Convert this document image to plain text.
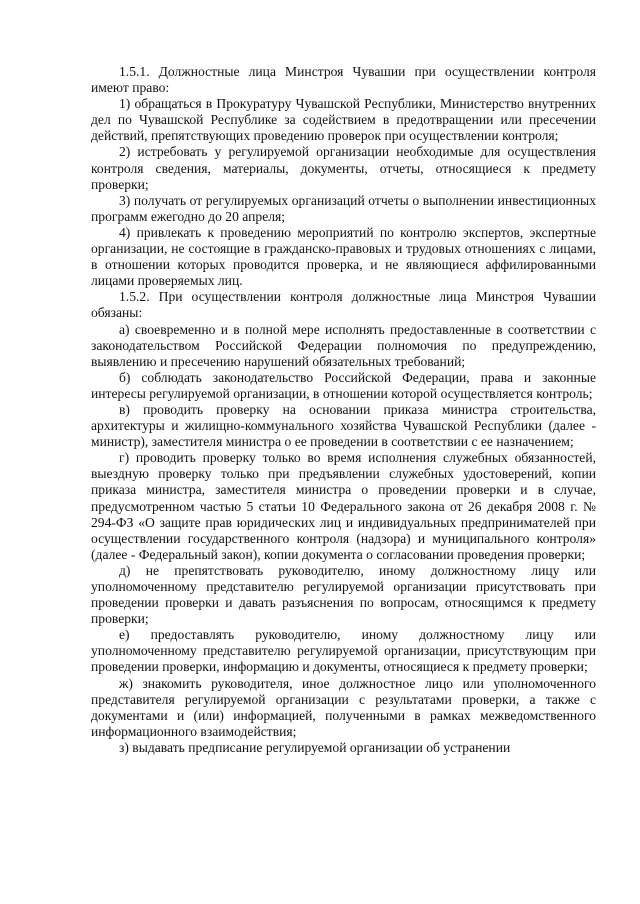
1.5.1. Должностные лица Минстроя Чувашии при осуществлении контроля имеют право:

1) обращаться в Прокуратуру Чувашской Республики, Министерство внутренних дел по Чувашской Республике за содействием в предотвращении или пресечении действий, препятствующих проведению проверок при осуществлении контроля;

2) истребовать у регулируемой организации необходимые для осуществления контроля сведения, материалы, документы, отчеты, относящиеся к предмету проверки;

3) получать от регулируемых организаций отчеты о выполнении инвестиционных программ ежегодно до 20 апреля;

4) привлекать к проведению мероприятий по контролю экспертов, экспертные организации, не состоящие в гражданско-правовых и трудовых отношениях с лицами, в отношении которых проводится проверка, и не являющиеся аффилированными лицами проверяемых лиц.

1.5.2. При осуществлении контроля должностные лица Минстроя Чувашии обязаны:

а) своевременно и в полной мере исполнять предоставленные в соответствии с законодательством Российской Федерации полномочия по предупреждению, выявлению и пресечению нарушений обязательных требований;

б) соблюдать законодательство Российской Федерации, права и законные интересы регулируемой организации, в отношении которой осуществляется контроль;

в) проводить проверку на основании приказа министра строительства, архитектуры и жилищно-коммунального хозяйства Чувашской Республики (далее - министр), заместителя министра о ее проведении в соответствии с ее назначением;

г) проводить проверку только во время исполнения служебных обязанностей, выездную проверку только при предъявлении служебных удостоверений, копии приказа министра, заместителя министра о проведении проверки и в случае, предусмотренном частью 5 статьи 10 Федерального закона от 26 декабря 2008 г. № 294-ФЗ «О защите прав юридических лиц и индивидуальных предпринимателей при осуществлении государственного контроля (надзора) и муниципального контроля» (далее - Федеральный закон), копии документа о согласовании проведения проверки;

д) не препятствовать руководителю, иному должностному лицу или уполномоченному представителю регулируемой организации присутствовать при проведении проверки и давать разъяснения по вопросам, относящимся к предмету проверки;

е) предоставлять руководителю, иному должностному лицу или уполномоченному представителю регулируемой организации, присутствующим при проведении проверки, информацию и документы, относящиеся к предмету проверки;

ж) знакомить руководителя, иное должностное лицо или уполномоченного представителя регулируемой организации с результатами проверки, а также с документами и (или) информацией, полученными в рамках межведомственного информационного взаимодействия;

з) выдавать предписание регулируемой организации об устранении
